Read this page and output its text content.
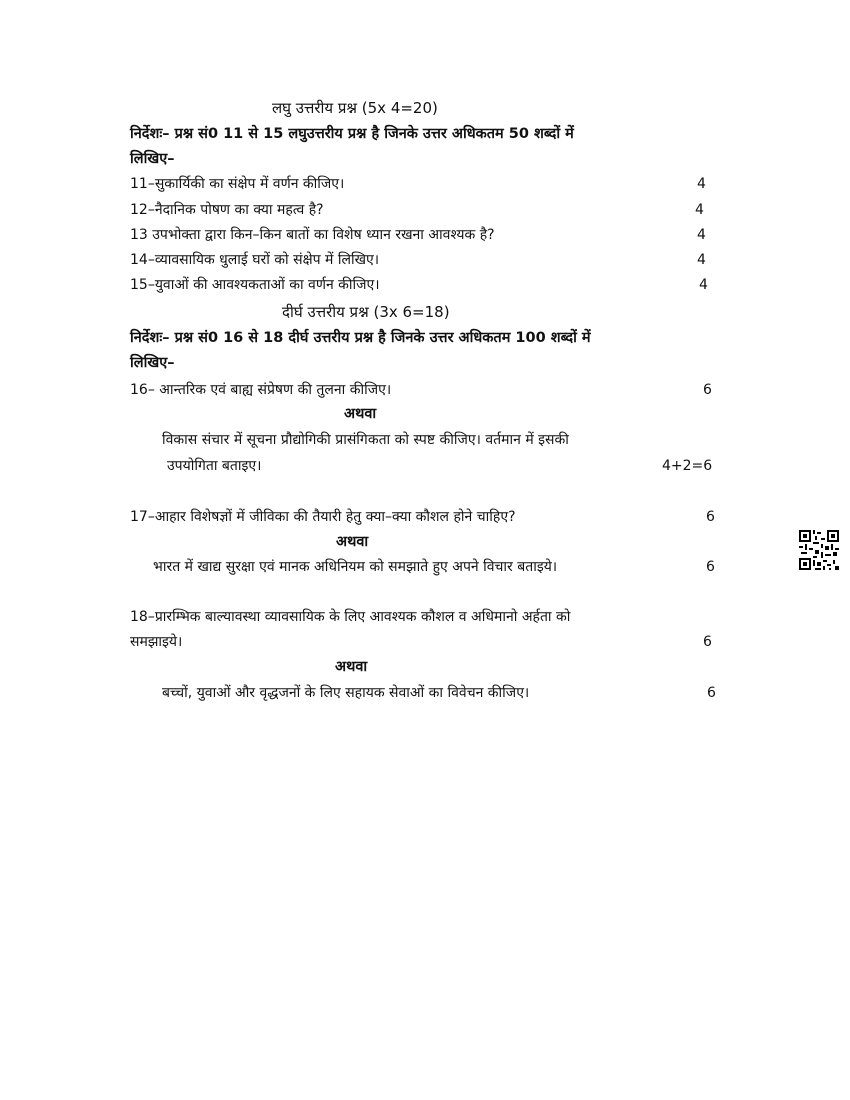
लघु उत्तरीय प्रश्न (5x 4=20)
निर्देशः– प्रश्न सं0 11 से 15 लघुउत्तरीय प्रश्न है जिनके उत्तर अधिकतम 50 शब्दों में
लिखिए–
11–सुकार्यिकी का संक्षेप में वर्णन कीजिए।	4
12–नैदानिक पोषण का क्या महत्व है?	4
13 उपभोक्ता द्वारा किन–किन बातों का विशेष ध्यान रखना आवश्यक है?	4
14–व्यावसायिक धुलाई घरों को संक्षेप में लिखिए।	4
15–युवाओं की आवश्यकताओं का वर्णन कीजिए।	4
दीर्घ उत्तरीय प्रश्न (3x 6=18)
निर्देशः– प्रश्न सं0 16 से 18 दीर्घ उत्तरीय प्रश्न है जिनके उत्तर अधिकतम 100 शब्दों में
लिखिए–
16– आन्तरिक एवं बाह्य संप्रेषण की तुलना कीजिए।	6
अथवा
विकास संचार में सूचना प्रौद्योगिकी प्रासंगिकता को स्पष्ट कीजिए। वर्तमान में इसकी
उपयोगिता बताइए।	4+2=6
17–आहार विशेषज्ञों में जीविका की तैयारी हेतु क्या–क्या कौशल होने चाहिए?	6
अथवा
भारत में खाद्य सुरक्षा एवं मानक अधिनियम को समझाते हुए अपने विचार बताइये।	6
18–प्रारम्भिक बाल्यावस्था व्यावसायिक के लिए आवश्यक कौशल व अधिमानो अर्हता को
समझाइये।	6
अथवा
बच्चों, युवाओं और वृद्धजनों के लिए सहायक सेवाओं का विवेचन कीजिए।	6
